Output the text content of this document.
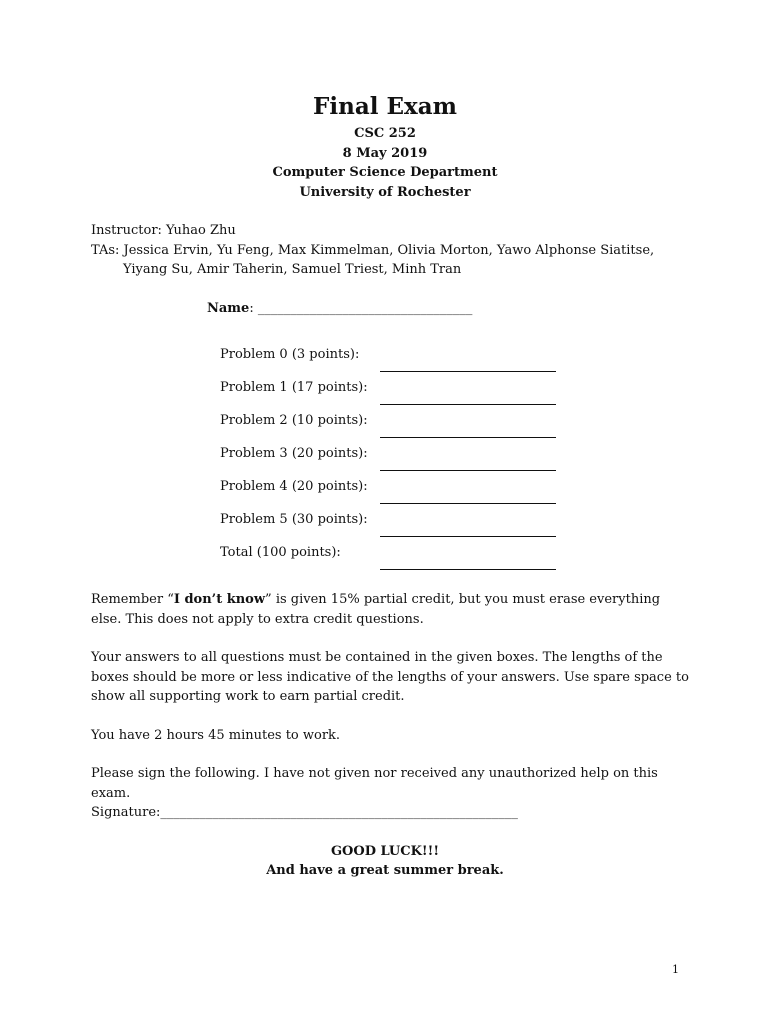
Final Exam
CSC 252
8 May 2019
Computer Science Department
University of Rochester
Instructor: Yuhao Zhu
TAs: Jessica Ervin, Yu Feng, Max Kimmelman, Olivia Morton, Yawo Alphonse Siatitse,
Yiyang Su, Amir Taherin, Samuel Triest, Minh Tran
Name: _________________________________
Problem 0 (3 points):
Problem 1 (17 points):
Problem 2 (10 points):
Problem 3 (20 points):
Problem 4 (20 points):
Problem 5 (30 points):
Total (100 points):
Remember “I don’t know” is given 15% partial credit, but you must erase everything else. This does not apply to extra credit questions.
Your answers to all questions must be contained in the given boxes. The lengths of the boxes should be more or less indicative of the lengths of your answers. Use spare space to show all supporting work to earn partial credit.
You have 2 hours 45 minutes to work.
Please sign the following. I have not given nor received any unauthorized help on this exam.
Signature:_______________________________________________________
GOOD LUCK!!!
And have a great summer break.
1
